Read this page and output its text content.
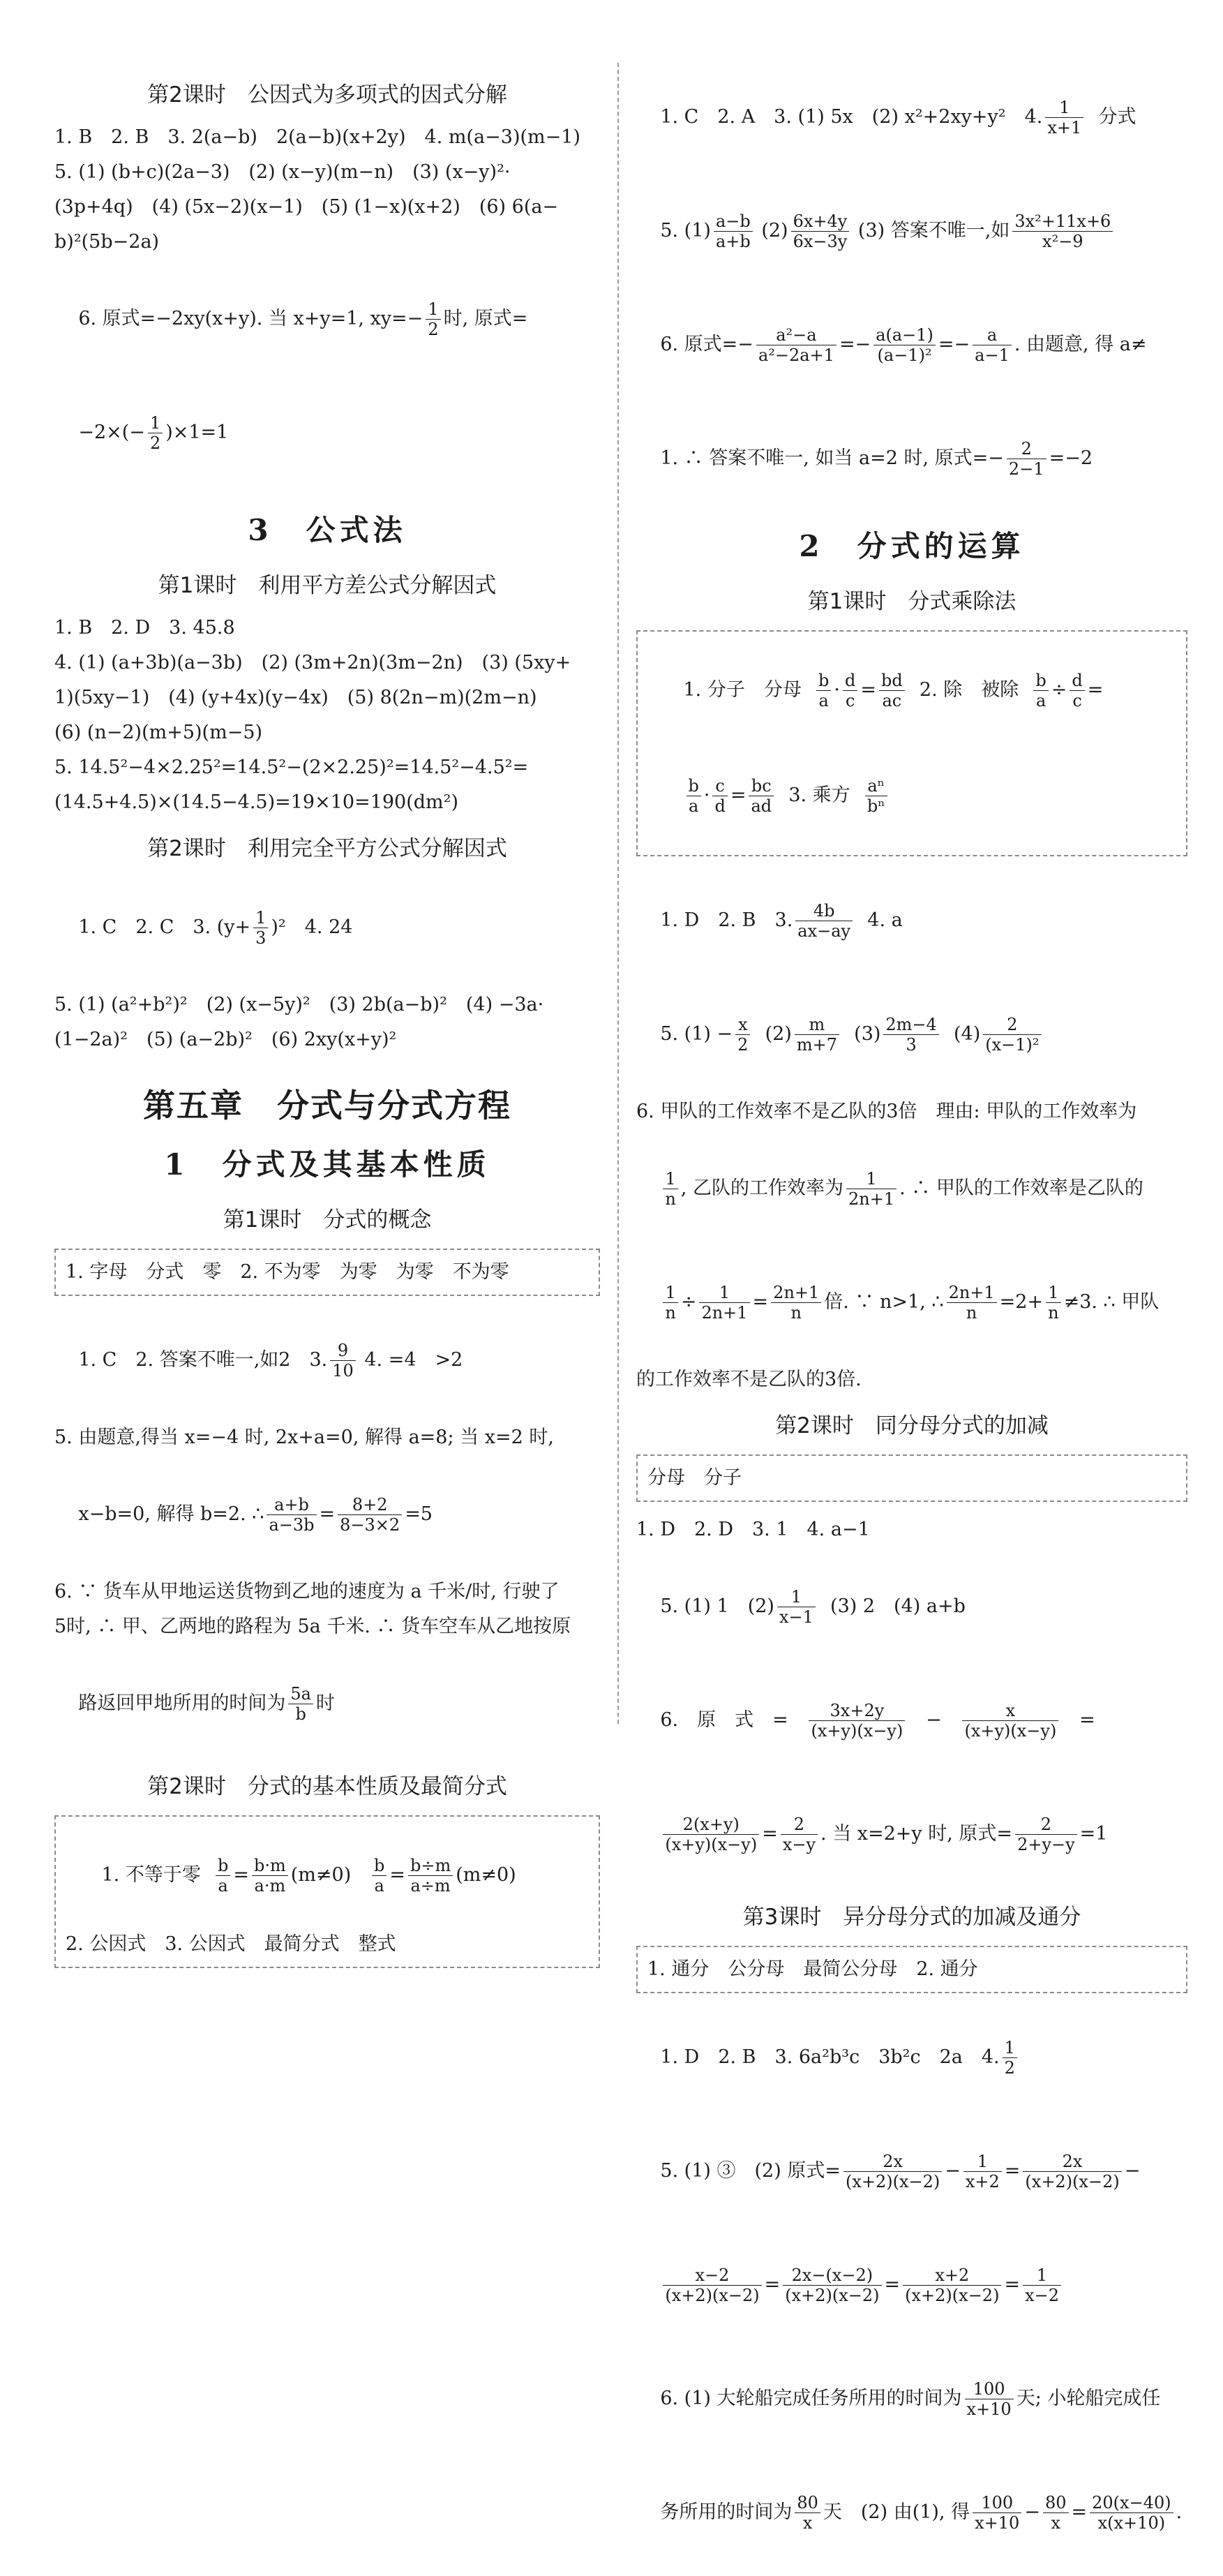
第2课时　公因式为多项式的因式分解
1. B　2. B　3. 2(a−b)　2(a−b)(x+2y)　4. m(a−3)(m−1)
5. (1) (b+c)(2a−3)　(2) (x−y)(m−n)　(3) (x−y)²·
(3p+4q)　(4) (5x−2)(x−1)　(5) (1−x)(x+2)　(6) 6(a−
b)²(5b−2a)

6. 原式=−2xy(x+y). 当 x+y=1, $xy=- \frac{1}{2}$ 时, 原式=

$-2\times(- \frac{1}{2} )\times 1=1$

3　公式法
第1课时　利用平方差公式分解因式
1. B　2. D　3. 45.8
4. (1) (a+3b)(a−3b)　(2) (3m+2n)(3m−2n)　(3) (5xy+
1)(5xy−1)　(4) (y+4x)(y−4x)　(5) 8(2n−m)(2m−n)
(6) (n−2)(m+5)(m−5)
5. 14.5²−4×2.25²=14.5²−(2×2.25)²=14.5²−4.5²=
(14.5+4.5)×(14.5−4.5)=19×10=190(dm²)
第2课时　利用完全平方公式分解因式

1. C　2. C　3. $(y+ \frac{1}{3} )^2$　4. 24

5. (1) (a²+b²)²　(2) (x−5y)²　(3) 2b(a−b)²　(4) −3a·
(1−2a)²　(5) (a−2b)²　(6) 2xy(x+y)²
第五章　分式与分式方程
1　分式及其基本性质
第1课时　分式的概念
1. 字母　分式　零　2. 不为零　为零　为零　不为零

1. C　2. 答案不唯一,如2　3. $\frac{9}{10} 4$. =4　>2

5. 由题意,得当 x=−4 时, 2x+a=0, 解得 a=8; 当 x=2 时,

x−b=0, 解得 b=2. ∴ $\frac{a+b}{a-3b} = \frac{8+2}{8-3\times 2} =5$

6. ∵ 货车从甲地运送货物到乙地的速度为 a 千米/时, 行驶了
5时, ∴ 甲、乙两地的路程为 5a 千米. ∴ 货车空车从乙地按原

路返回甲地所用的时间为 $\frac{5a}{b}$ 时

第2课时　分式的基本性质及最简分式

1. 不等于零 $\frac{b}{a} = \frac{b\cdot m}{a\cdot m} (m\ne 0) \frac{b}{a} = \frac{b\div m}{a\div m} (m\ne 0)$

2. 公因式　3. 公因式　最简分式　整式

1. C　2. A　3. (1) 5x　(2) x²+2xy+y²　4. $\frac{1}{x+1}$ 分式

5. $(1) \frac{a-b}{a+b} (2) \frac{6x+4y}{6x-3y} (3)$ 答案不唯一,如 $\frac{\text{3x²+11x+6}}{\text{x²−9}}$

6. 原式=− $\frac{\text{a²−a}}{\text{a²−2a+1}} =- \frac{a(a-1)}{\text{(a−1)²}} =- \frac{a}{a-1}$ . 由题意, 得 a≠

1. ∴ 答案不唯一, 如当 a=2 时, 原式=− $\frac{2}{2-1} =-2$

2　分式的运算
第1课时　分式乘除法

1. 分子　分母 $\frac{b}{a} \cdot \frac{d}{c} = \frac{bd}{ac} 2$. 除　被除 $\frac{b}{a} \div \frac{d}{c}$ =

$\frac{b}{a} \cdot \frac{c}{d} = \frac{bc}{ad} 3$. 乘方 $\frac{\text{aⁿ}}{\text{bⁿ}}$

1. D　2. B　3. $\frac{4b}{ax-ay} 4$. a

5. $(1) - \frac{x}{2} (2) \frac{m}{m+7} (3) \frac{2m-4}{3} (4) \frac{2}{\text{(x−1)²}}$

6. 甲队的工作效率不是乙队的3倍　理由: 甲队的工作效率为

$\frac{1}{n}$ , 乙队的工作效率为 $\frac{1}{2n+1}$ . ∴ 甲队的工作效率是乙队的

$\frac{1}{n} \div \frac{1}{2n+1} = \frac{2n+1}{n}$ 倍. ∵ n>1, ∴ $\frac{2n+1}{n} =2+ \frac{1}{n} \ne 3$. ∴ 甲队

的工作效率不是乙队的3倍.
第2课时　同分母分式的加减
分母　分子
1. D　2. D　3. 1　4. a−1

5. (1) 1　$(2) \frac{1}{x-1} (3)$ 2　(4) a+b

6.　原　式　= $\frac{3x+2y}{(x+y)(x-y)} - \frac{x}{(x+y)(x-y)}$ =

$\frac{2(x+y)}{(x+y)(x-y)} = \frac{2}{x-y}$ . 当 x=2+y 时, 原式= $\frac{2}{2+y-y} =1$

第3课时　异分母分式的加减及通分
1. 通分　公分母　最简公分母　2. 通分

1. D　2. B　3. 6a²b³c　3b²c　2a　4. $\frac{1}{2}$

5. (1) ③　(2) 原式= $\frac{2x}{(x+2)(x-2)} - \frac{1}{x+2} = \frac{2x}{(x+2)(x-2)}$ −

$\frac{x-2}{(x+2)(x-2)} = \frac{2x-(x-2)}{(x+2)(x-2)} = \frac{x+2}{(x+2)(x-2)} = \frac{1}{x-2}$

6. (1) 大轮船完成任务所用的时间为 $\frac{100}{x+10}$ 天; 小轮船完成任

务所用的时间为 $\frac{80}{x}$ 天　(2) 由(1), 得 $\frac{100}{x+10} - \frac{80}{x} = \frac{20(x-40)}{x(x+10)}$ .
